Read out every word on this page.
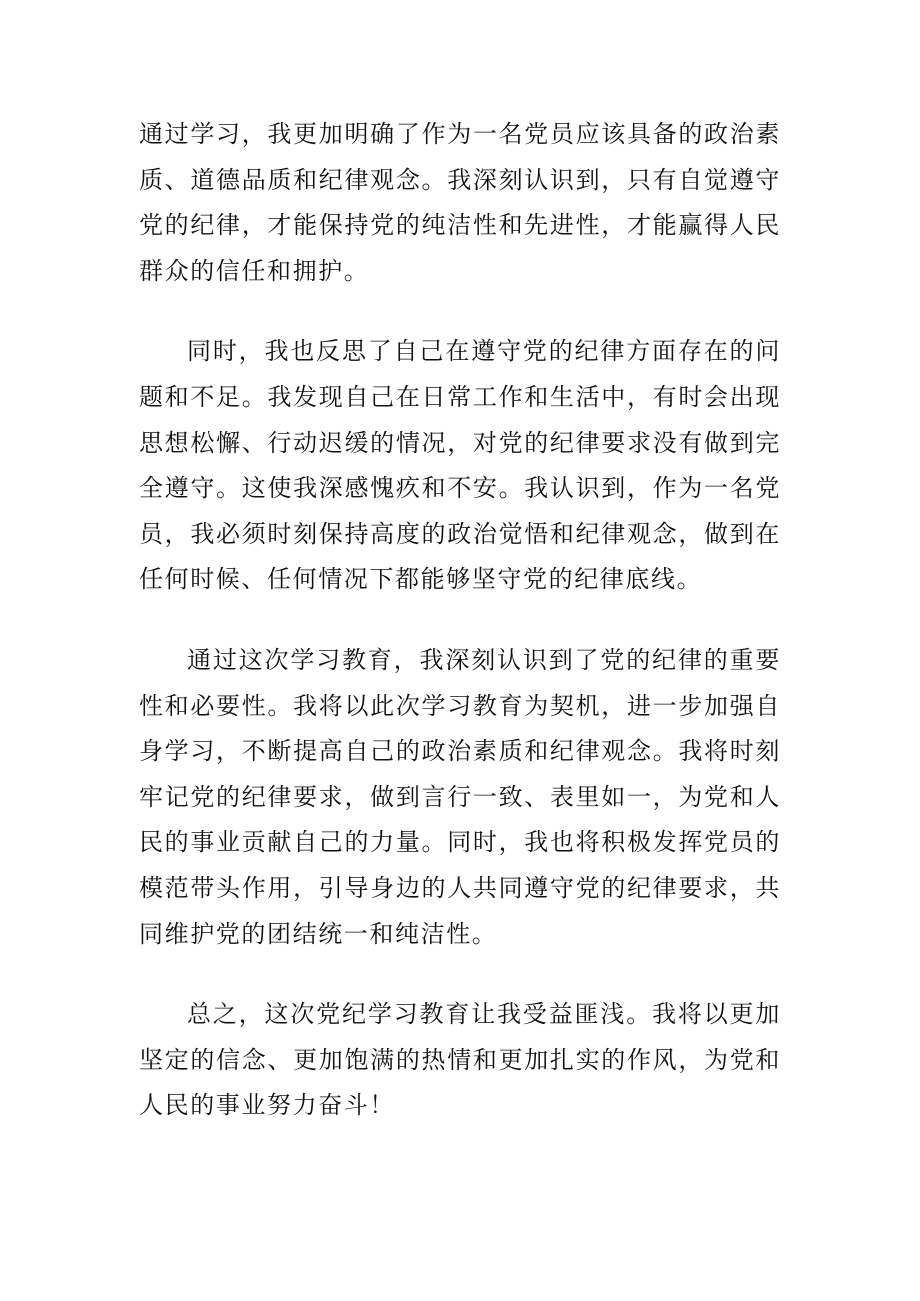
通过学习，我更加明确了作为一名党员应该具备的政治素质、道德品质和纪律观念。我深刻认识到，只有自觉遵守党的纪律，才能保持党的纯洁性和先进性，才能赢得人民群众的信任和拥护。

同时，我也反思了自己在遵守党的纪律方面存在的问题和不足。我发现自己在日常工作和生活中，有时会出现思想松懈、行动迟缓的情况，对党的纪律要求没有做到完全遵守。这使我深感愧疚和不安。我认识到，作为一名党员，我必须时刻保持高度的政治觉悟和纪律观念，做到在任何时候、任何情况下都能够坚守党的纪律底线。

通过这次学习教育，我深刻认识到了党的纪律的重要性和必要性。我将以此次学习教育为契机，进一步加强自身学习，不断提高自己的政治素质和纪律观念。我将时刻牢记党的纪律要求，做到言行一致、表里如一，为党和人民的事业贡献自己的力量。同时，我也将积极发挥党员的模范带头作用，引导身边的人共同遵守党的纪律要求，共同维护党的团结统一和纯洁性。

总之，这次党纪学习教育让我受益匪浅。我将以更加坚定的信念、更加饱满的热情和更加扎实的作风，为党和人民的事业努力奋斗！
